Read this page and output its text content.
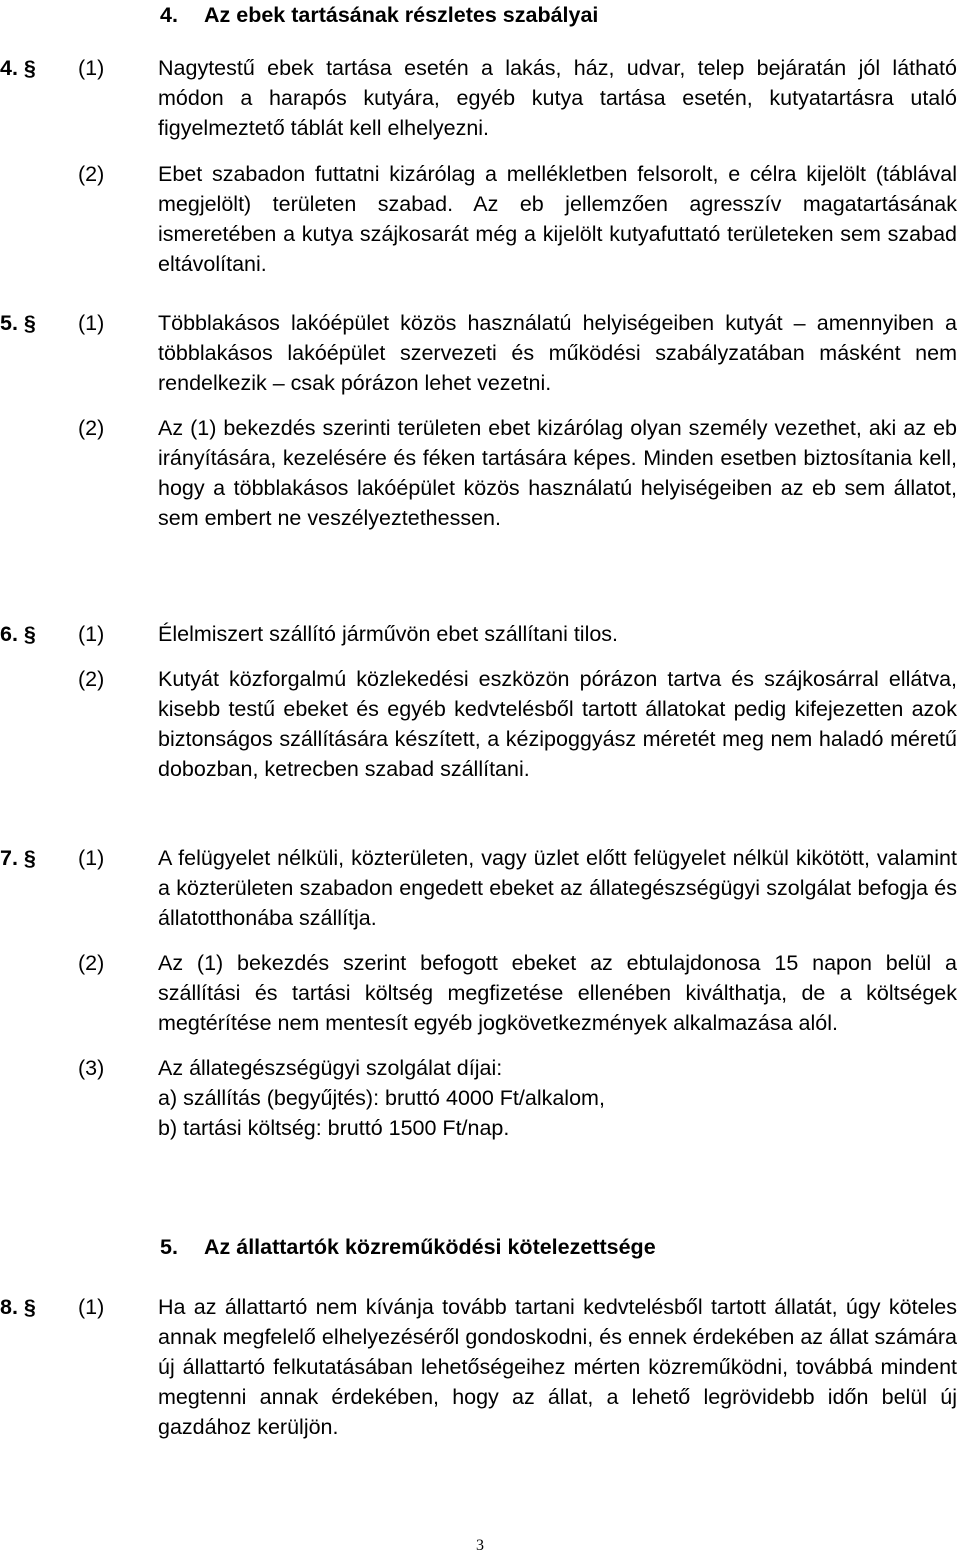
4. Az ebek tartásának részletes szabályai
4. § (1) Nagytestű ebek tartása esetén a lakás, ház, udvar, telep bejáratán jól látható módon a harapós kutyára, egyéb kutya tartása esetén, kutyatartásra utaló figyelmeztető táblát kell elhelyezni.
(2) Ebet szabadon futtatni kizárólag a mellékletben felsorolt, e célra kijelölt (táblával megjelölt) területen szabad. Az eb jellemzően agresszív magatartásának ismeretében a kutya szájkosarát még a kijelölt kutyafuttató területeken sem szabad eltávolítani.
5. § (1) Többlakásos lakóépület közös használatú helyiségeiben kutyát – amennyiben a többlakásos lakóépület szervezeti és működési szabályzatában másként nem rendelkezik – csak pórázon lehet vezetni.
(2) Az (1) bekezdés szerinti területen ebet kizárólag olyan személy vezethet, aki az eb irányítására, kezelésére és féken tartására képes. Minden esetben biztosítania kell, hogy a többlakásos lakóépület közös használatú helyiségeiben az eb sem állatot, sem embert ne veszélyeztethessen.
6. § (1) Élelmiszert szállító járművön ebet szállítani tilos.
(2) Kutyát közforgalmú közlekedési eszközön pórázon tartva és szájkosárral ellátva, kisebb testű ebeket és egyéb kedvtelésből tartott állatokat pedig kifejezetten azok biztonságos szállítására készített, a kézipoggyász méretét meg nem haladó méretű dobozban, ketrecben szabad szállítani.
7. § (1) A felügyelet nélküli, közterületen, vagy üzlet előtt felügyelet nélkül kikötött, valamint a közterületen szabadon engedett ebeket az állategészségügyi szolgálat befogja és állatotthonába szállítja.
(2) Az (1) bekezdés szerint befogott ebeket az ebtulajdonosa 15 napon belül a szállítási és tartási költség megfizetése ellenében kiválthatja, de a költségek megtérítése nem mentesít egyéb jogkövetkezmények alkalmazása alól.
(3) Az állategészségügyi szolgálat díjai:
a) szállítás (begyűjtés): bruttó 4000 Ft/alkalom,
b) tartási költség: bruttó 1500 Ft/nap.
5. Az állattartók közreműködési kötelezettsége
8. § (1) Ha az állattartó nem kívánja tovább tartani kedvtelésből tartott állatát, úgy köteles annak megfelelő elhelyezéséről gondoskodni, és ennek érdekében az állat számára új állattartó felkutatásában lehetőségeihez mérten közreműködni, továbbá mindent megtenni annak érdekében, hogy az állat, a lehető legrövidebb időn belül új gazdához kerüljön.
3
